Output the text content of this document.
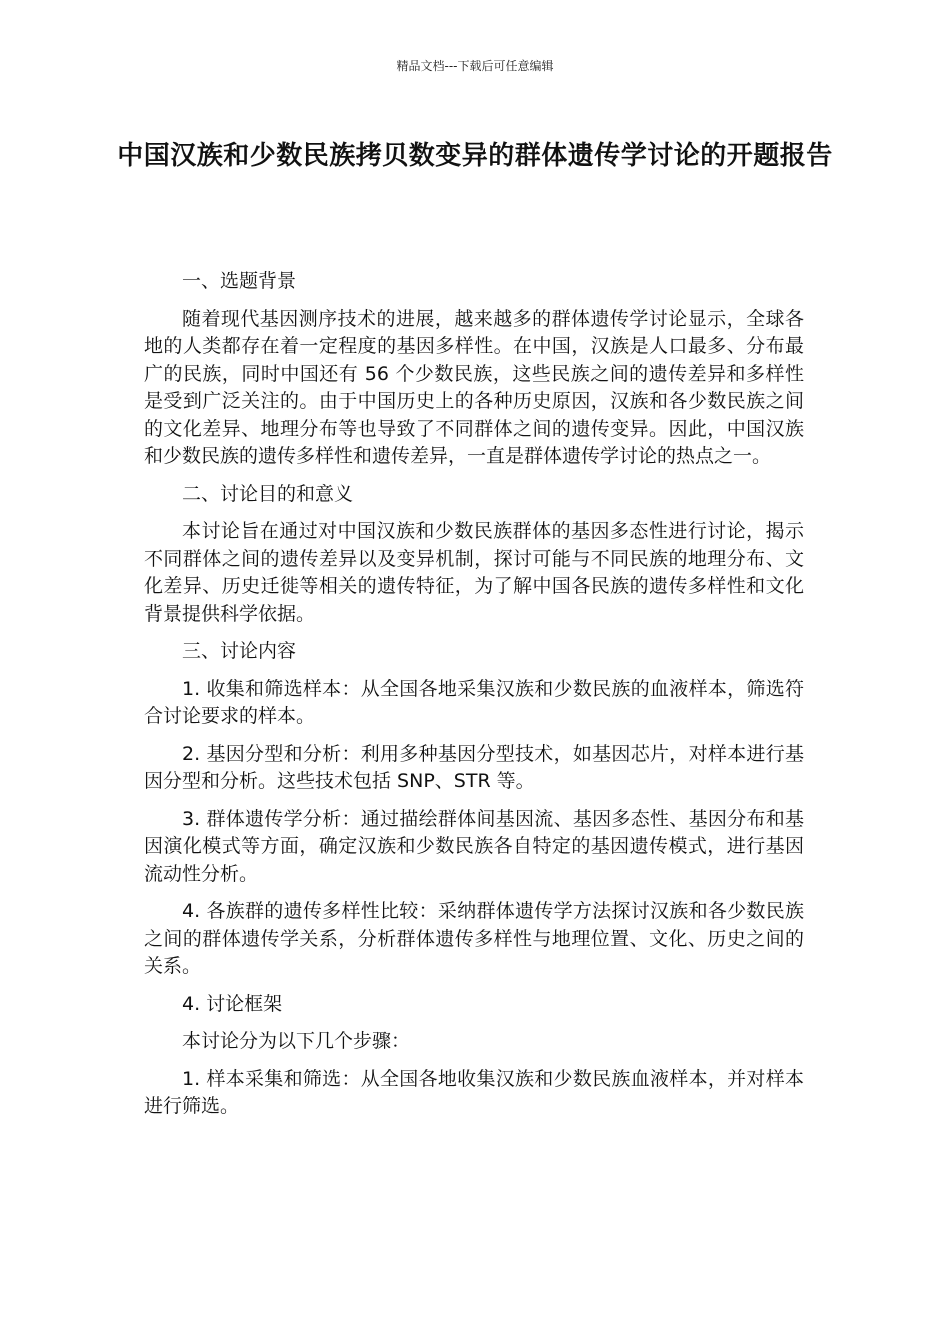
精品文档---下载后可任意编辑
中国汉族和少数民族拷贝数变异的群体遗传学讨论的开题报告

一、选题背景

随着现代基因测序技术的进展，越来越多的群体遗传学讨论显示，全球各地的人类都存在着一定程度的基因多样性。在中国，汉族是人口最多、分布最广的民族，同时中国还有 56 个少数民族，这些民族之间的遗传差异和多样性是受到广泛关注的。由于中国历史上的各种历史原因，汉族和各少数民族之间的文化差异、地理分布等也导致了不同群体之间的遗传变异。因此，中国汉族和少数民族的遗传多样性和遗传差异，一直是群体遗传学讨论的热点之一。

二、讨论目的和意义

本讨论旨在通过对中国汉族和少数民族群体的基因多态性进行讨论，揭示不同群体之间的遗传差异以及变异机制，探讨可能与不同民族的地理分布、文化差异、历史迁徙等相关的遗传特征，为了解中国各民族的遗传多样性和文化背景提供科学依据。

三、讨论内容

1. 收集和筛选样本：从全国各地采集汉族和少数民族的血液样本，筛选符合讨论要求的样本。

2. 基因分型和分析：利用多种基因分型技术，如基因芯片，对样本进行基因分型和分析。这些技术包括 SNP、STR 等。

3. 群体遗传学分析：通过描绘群体间基因流、基因多态性、基因分布和基因演化模式等方面，确定汉族和少数民族各自特定的基因遗传模式，进行基因流动性分析。

4. 各族群的遗传多样性比较：采纳群体遗传学方法探讨汉族和各少数民族之间的群体遗传学关系，分析群体遗传多样性与地理位置、文化、历史之间的关系。

4. 讨论框架

本讨论分为以下几个步骤：

1. 样本采集和筛选：从全国各地收集汉族和少数民族血液样本，并对样本进行筛选。
